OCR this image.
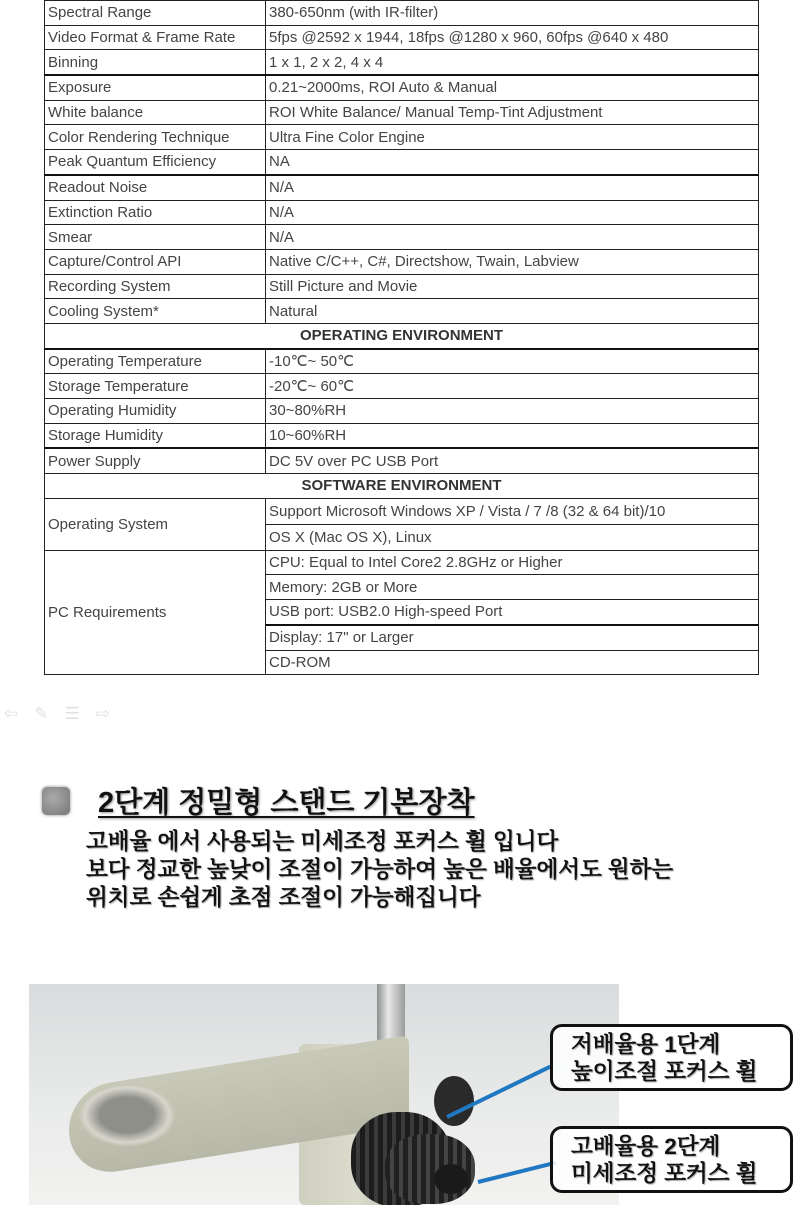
Spectral Range	380-650nm (with IR-filter)
Video Format & Frame Rate	5fps @2592 x 1944, 18fps @1280 x 960, 60fps @640 x 480
Binning	1 x 1, 2 x 2, 4 x 4
Exposure	0.21~2000ms, ROI Auto & Manual
White balance	ROI White Balance/ Manual Temp-Tint Adjustment
Color Rendering Technique	Ultra Fine Color Engine
Peak Quantum Efficiency	NA
Readout Noise	N/A
Extinction Ratio	N/A
Smear	N/A
Capture/Control API	Native C/C++, C#, Directshow, Twain, Labview
Recording System	Still Picture and Movie
Cooling System*	Natural
OPERATING ENVIRONMENT	
Operating Temperature	-10℃~ 50℃
Storage Temperature	-20℃~ 60℃
Operating Humidity	30~80%RH
Storage Humidity	10~60%RH
Power Supply	DC 5V over PC USB Port
SOFTWARE ENVIRONMENT	
Operating System	Support Microsoft Windows XP / Vista / 7 /8 (32 & 64 bit)/10
	OS X (Mac OS X), Linux
PC Requirements	CPU: Equal to Intel Core2 2.8GHz or Higher
	Memory: 2GB or More
	USB port: USB2.0 High-speed Port
	Display: 17" or Larger
	CD-ROM
⇦ ✎ ☰ ⇨
2단계 정밀형 스탠드 기본장착
고배율 에서 사용되는 미세조정 포커스 휠 입니다
보다 정교한 높낮이 조절이 가능하여 높은 배율에서도 원하는
위치로 손쉽게 초점 조절이 가능해집니다
저배율용 1단계
높이조절 포커스 휠
고배율용 2단계
미세조정 포커스 휠
